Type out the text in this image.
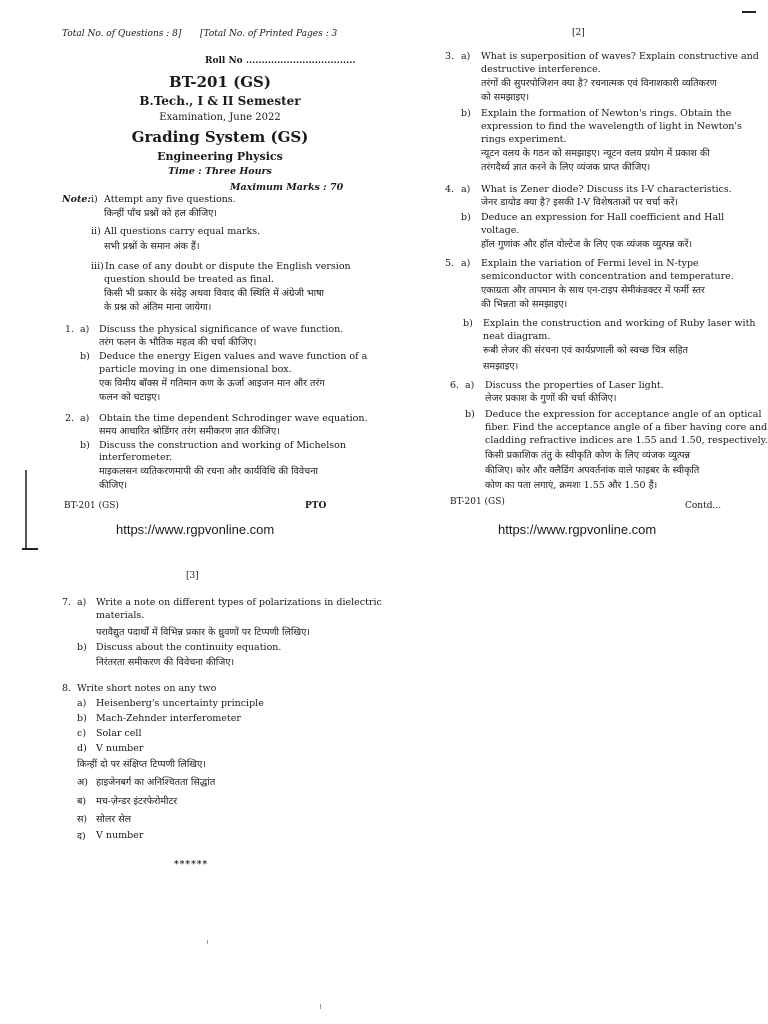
Total No. of Questions : 8] [Total No. of Printed Pages : 3
Roll No ...................................
BT-201 (GS)
B.Tech., I & II Semester
Examination, June 2022
Grading System (GS)
Engineering Physics
Time : Three Hours
Maximum Marks : 70
Note: i) Attempt any five questions.
किन्हीं पाँच प्रश्नों को हल कीजिए।
ii) All questions carry equal marks.
सभी प्रश्नों के समान अंक हैं।
iii) In case of any doubt or dispute the English version
question should be treated as final.
किसी भी प्रकार के संदेह अथवा विवाद की स्थिति में अंग्रेजी भाषा
के प्रश्न को अंतिम माना जायेगा।
1. a) Discuss the physical significance of wave function.
तरंग फलन के भौतिक महत्व की चर्चा कीजिए।
b) Deduce the energy Eigen values and wave function of a
particle moving in one dimensional box.
एक विमीय बॉक्स में गतिमान कण के ऊर्जा आइजन मान और तरंग
फलन को घटाइए।
2. a) Obtain the time dependent Schrodinger wave equation.
समय आधारित श्रोडिंगर तरंग समीकरण ज्ञात कीजिए।
b) Discuss the construction and working of Michelson
interferometer.
माइकलसन व्यतिकरणमापी की रचना और कार्यविधि की विवेचना
कीजिए।
BT-201 (GS)	PTO
https://www.rgpvonline.com
[2]
3. a) What is superposition of waves? Explain constructive and
destructive interference.
तरंगों की सुपरपोजिशन क्या है? रचनात्मक एवं विनाशकारी व्यतिकरण
को समझाइए।
b) Explain the formation of Newton's rings. Obtain the
expression to find the wavelength of light in Newton's
rings experiment.
न्यूटन वलय के गठन को समझाइए। न्यूटन वलय प्रयोग में प्रकाश की
तरंगदैर्ध्य ज्ञात करने के लिए व्यंजक प्राप्त कीजिए।
4. a) What is Zener diode? Discuss its I-V characteristics.
जेनर डायोड क्या है? इसकी I-V विशेषताओं पर चर्चा करें।
b) Deduce an expression for Hall coefficient and Hall
voltage.
हॉल गुणांक और हॉल वोल्टेज के लिए एक व्यंजक व्युत्पन्न करें।
5. a) Explain the variation of Fermi level in N-type
semiconductor with concentration and temperature.
एकाग्रता और तापमान के साथ एन-टाइप सेमीकंडक्टर में फर्मी स्तर
की भिन्नता को समझाइए।
b) Explain the construction and working of Ruby laser with
neat diagram.
रूबी लेजर की संरचना एवं कार्यप्रणाली को स्वच्छ चित्र सहित
समझाइए।
6. a) Discuss the properties of Laser light.
लेजर प्रकाश के गुणों की चर्चा कीजिए।
b) Deduce the expression for acceptance angle of an optical
fiber. Find the acceptance angle of a fiber having core and
cladding refractive indices are 1.55 and 1.50, respectively.
किसी प्रकाशिक तंतु के स्वीकृति कोण के लिए व्यंजक व्युत्पन्न
कीजिए। कोर और क्लैडिंग अपवर्तनांक वाले फाइबर के स्वीकृति
कोण का पता लगाएं, क्रमशः 1.55 और 1.50 हैं।
BT-201 (GS)	Contd...
https://www.rgpvonline.com
[3]
7. a) Write a note on different types of polarizations in dielectric
materials.
परावैद्युत पदार्थों में विभिन्न प्रकार के ध्रुवणों पर टिप्पणी लिखिए।
b) Discuss about the continuity equation.
निरंतरता समीकरण की विवेचना कीजिए।
8. Write short notes on any two
a) Heisenberg's uncertainty principle
b) Mach-Zehnder interferometer
c) Solar cell
d) V number
किन्हीं दो पर संक्षिप्त टिप्पणी लिखिए।
अ) हाइजेनबर्ग का अनिश्चितता सिद्धांत
ब) मच-ज़ेन्डर इंटरफेरोमीटर
स) सोलर सेल
द) V number
******
